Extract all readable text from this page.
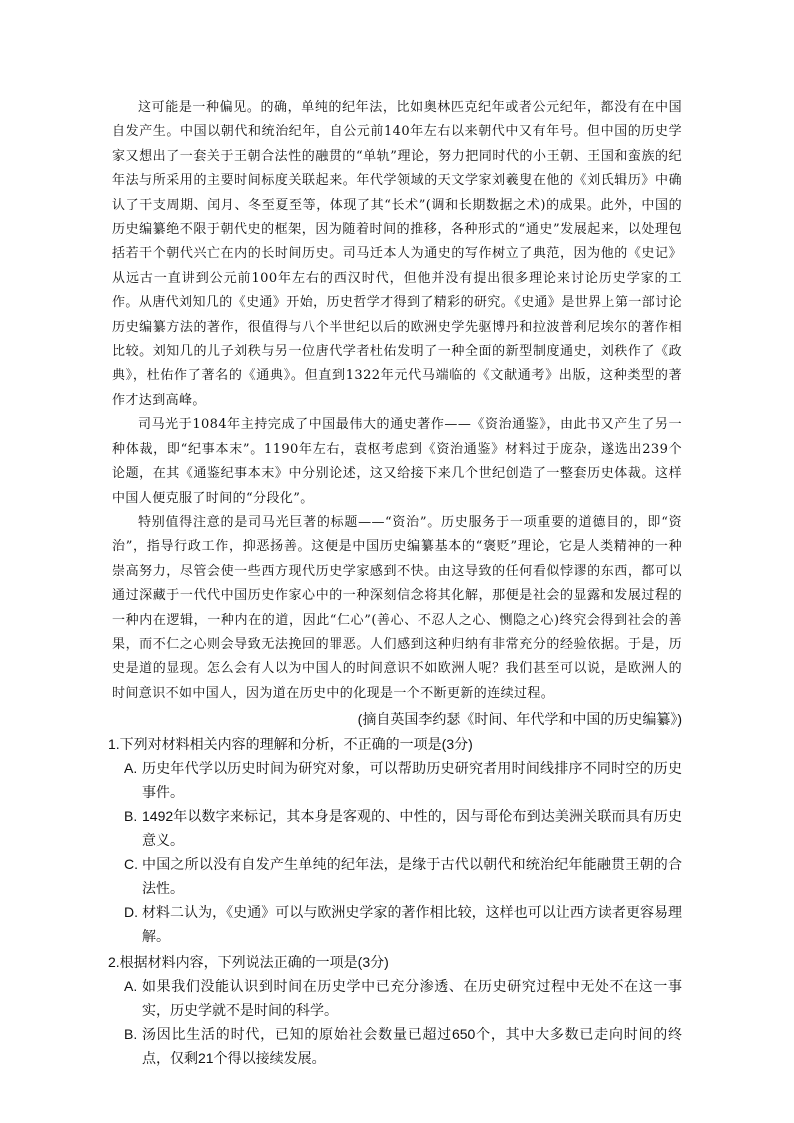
这可能是一种偏见。的确，单纯的纪年法，比如奥林匹克纪年或者公元纪年，都没有在中国自发产生。中国以朝代和统治纪年，自公元前140年左右以来朝代中又有年号。但中国的历史学家又想出了一套关于王朝合法性的融贯的“单轨”理论，努力把同时代的小王朝、王国和蛮族的纪年法与所采用的主要时间标度关联起来。年代学领域的天文学家刘羲叟在他的《刘氏辑历》中确认了干支周期、闰月、冬至夏至等，体现了其“长术”(调和长期数据之术)的成果。此外，中国的历史编纂绝不限于朝代史的框架，因为随着时间的推移，各种形式的“通史”发展起来，以处理包括若干个朝代兴亡在内的长时间历史。司马迁本人为通史的写作树立了典范，因为他的《史记》从远古一直讲到公元前100年左右的西汉时代，但他并没有提出很多理论来讨论历史学家的工作。从唐代刘知几的《史通》开始，历史哲学才得到了精彩的研究。《史通》是世界上第一部讨论历史编纂方法的著作，很值得与八个半世纪以后的欧洲史学先驱博丹和拉波普利尼埃尔的著作相比较。刘知几的儿子刘秩与另一位唐代学者杜佑发明了一种全面的新型制度通史，刘秩作了《政典》，杜佑作了著名的《通典》。但直到1322年元代马端临的《文献通考》出版，这种类型的著作才达到高峰。

司马光于1084年主持完成了中国最伟大的通史著作——《资治通鉴》，由此书又产生了另一种体裁，即“纪事本末”。1190年左右，袁枢考虑到《资治通鉴》材料过于庞杂，遂选出239个论题，在其《通鉴纪事本末》中分别论述，这又给接下来几个世纪创造了一整套历史体裁。这样中国人便克服了时间的“分段化”。

特别值得注意的是司马光巨著的标题——“资治”。历史服务于一项重要的道德目的，即“资治”，指导行政工作，抑恶扬善。这便是中国历史编纂基本的“褒贬”理论，它是人类精神的一种崇高努力，尽管会使一些西方现代历史学家感到不快。由这导致的任何看似悖谬的东西，都可以通过深藏于一代代中国历史作家心中的一种深刻信念将其化解，那便是社会的显露和发展过程的一种内在逻辑，一种内在的道，因此“仁心”(善心、不忍人之心、恻隐之心)终究会得到社会的善果，而不仁之心则会导致无法挽回的罪恶。人们感到这种归纳有非常充分的经验依据。于是，历史是道的显现。怎么会有人以为中国人的时间意识不如欧洲人呢？我们甚至可以说，是欧洲人的时间意识不如中国人，因为道在历史中的化现是一个不断更新的连续过程。

(摘自英国李约瑟《时间、年代学和中国的历史编纂》)
1.下列对材料相关内容的理解和分析，不正确的一项是(3分)
A. 历史年代学以历史时间为研究对象，可以帮助历史研究者用时间线排序不同时空的历史事件。
B. 1492年以数字来标记，其本身是客观的、中性的，因与哥伦布到达美洲关联而具有历史意义。
C. 中国之所以没有自发产生单纯的纪年法，是缘于古代以朝代和统治纪年能融贯王朝的合法性。
D. 材料二认为，《史通》可以与欧洲史学家的著作相比较，这样也可以让西方读者更容易理解。
2.根据材料内容，下列说法正确的一项是(3分)
A. 如果我们没能认识到时间在历史学中已充分渗透、在历史研究过程中无处不在这一事实，历史学就不是时间的科学。
B. 汤因比生活的时代，已知的原始社会数量已超过650个，其中大多数已走向时间的终点，仅剩21个得以接续发展。
